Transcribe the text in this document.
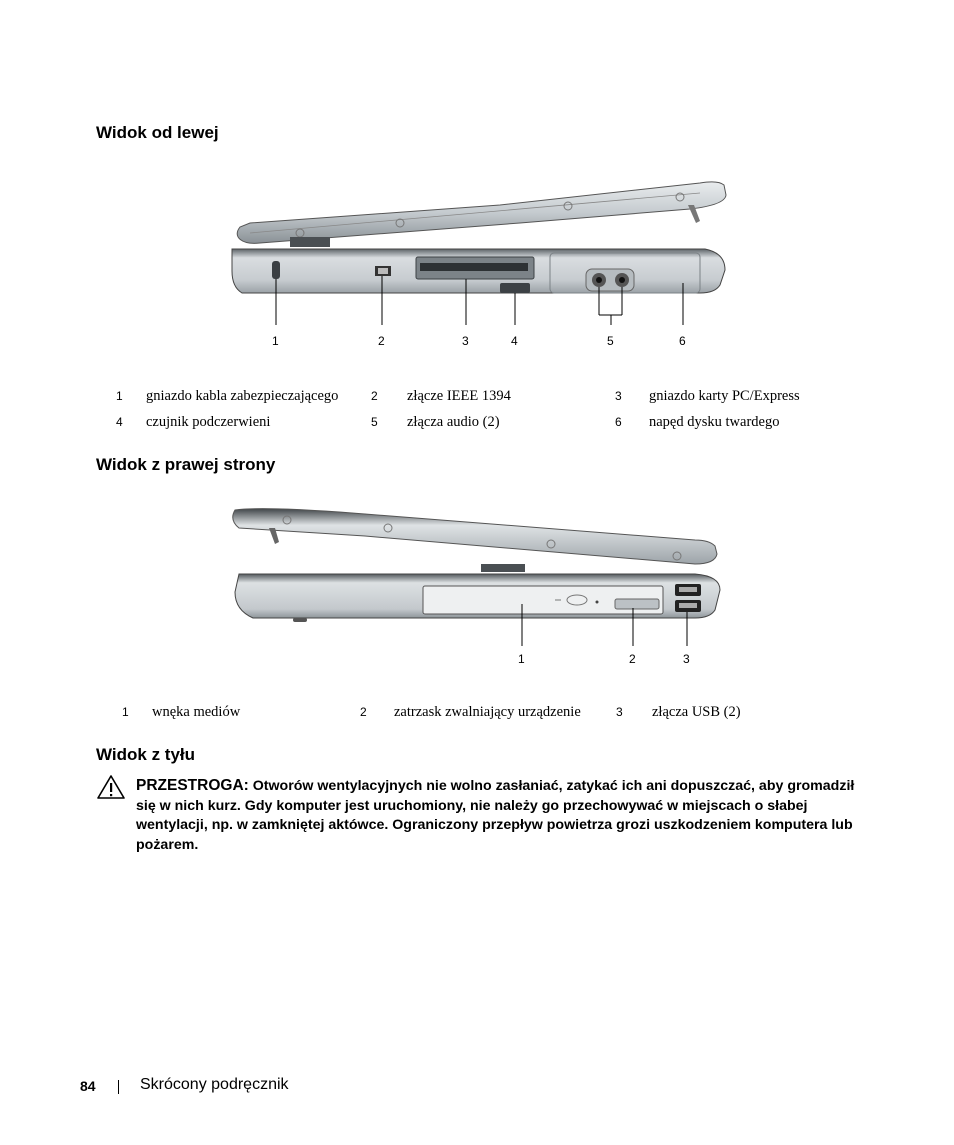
Widok od lewej
1	2	3	4	5	6
1	gniazdo kabla zabezpieczającego	2	złącze IEEE 1394	3	gniazdo karty PC/Express
4	czujnik podczerwieni	5	złącza audio (2)	6	napęd dysku twardego
Widok z prawej strony
1	2	3
1	wnęka mediów	2	zatrzask zwalniający urządzenie	3	złącza USB (2)
Widok z tyłu
PRZESTROGA: Otworów wentylacyjnych nie wolno zasłaniać, zatykać ich ani dopuszczać, aby gromadził się w nich kurz. Gdy komputer jest uruchomiony, nie należy go przechowywać w miejscach o słabej wentylacji, np. w zamkniętej aktówce. Ograniczony przepływ powietrza grozi uszkodzeniem komputera lub pożarem.
84	Skrócony podręcznik
